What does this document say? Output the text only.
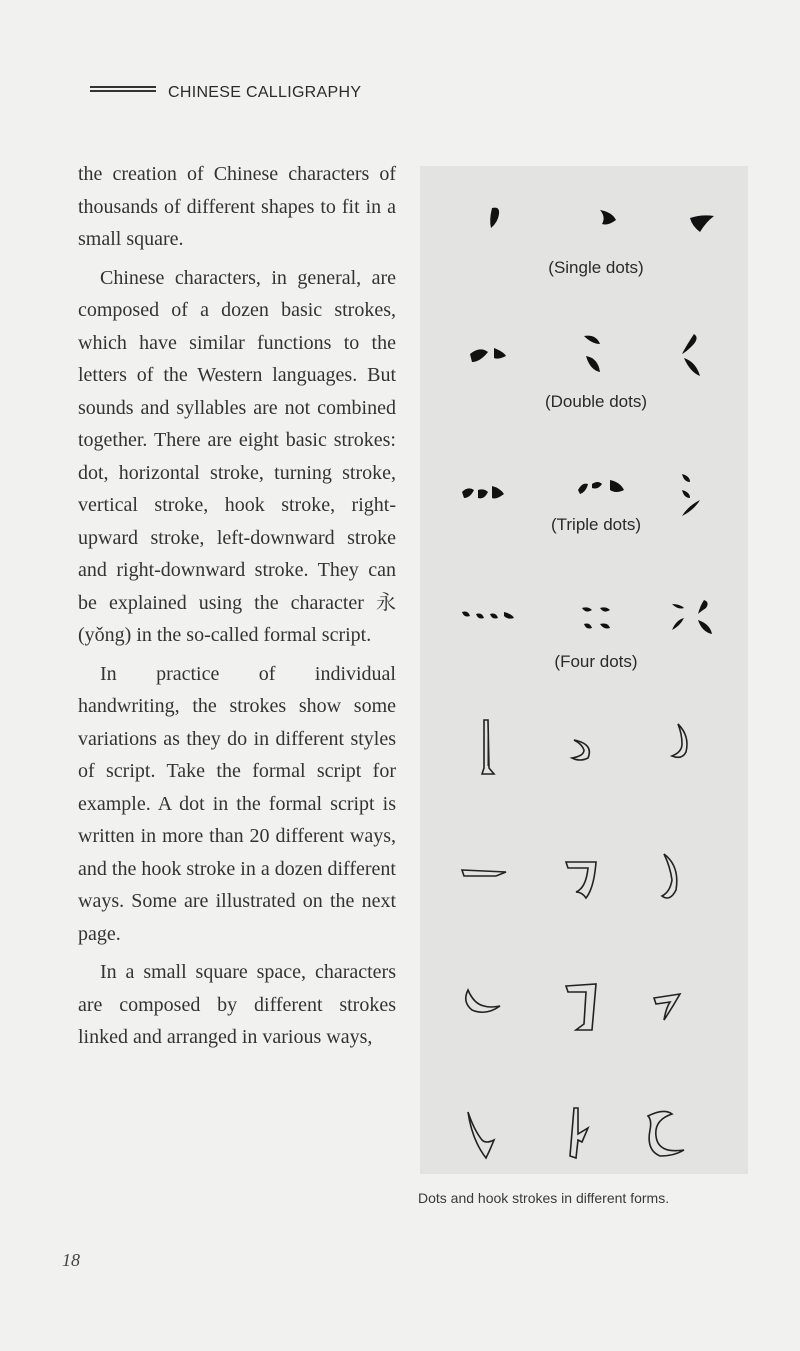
CHINESE CALLIGRAPHY

the creation of Chinese characters of thousands of different shapes to fit in a small square.

Chinese characters, in general, are composed of a dozen basic strokes, which have similar functions to the letters of the Western languages. But sounds and syllables are not combined together. There are eight basic strokes: dot, horizontal stroke, turning stroke, vertical stroke, hook stroke, right-upward stroke, left-downward stroke and right-downward stroke. They can be explained using the character 永 (yǒng) in the so-called formal script.

In practice of individual handwriting, the strokes show some variations as they do in different styles of script. Take the formal script for example. A dot in the formal script is written in more than 20 different ways, and the hook stroke in a dozen different ways. Some are illustrated on the next page.

In a small square space, characters are composed by different strokes linked and arranged in various ways,

(Single dots)
(Double dots)
(Triple dots)
(Four dots)
Dots and hook strokes in different forms.
18
